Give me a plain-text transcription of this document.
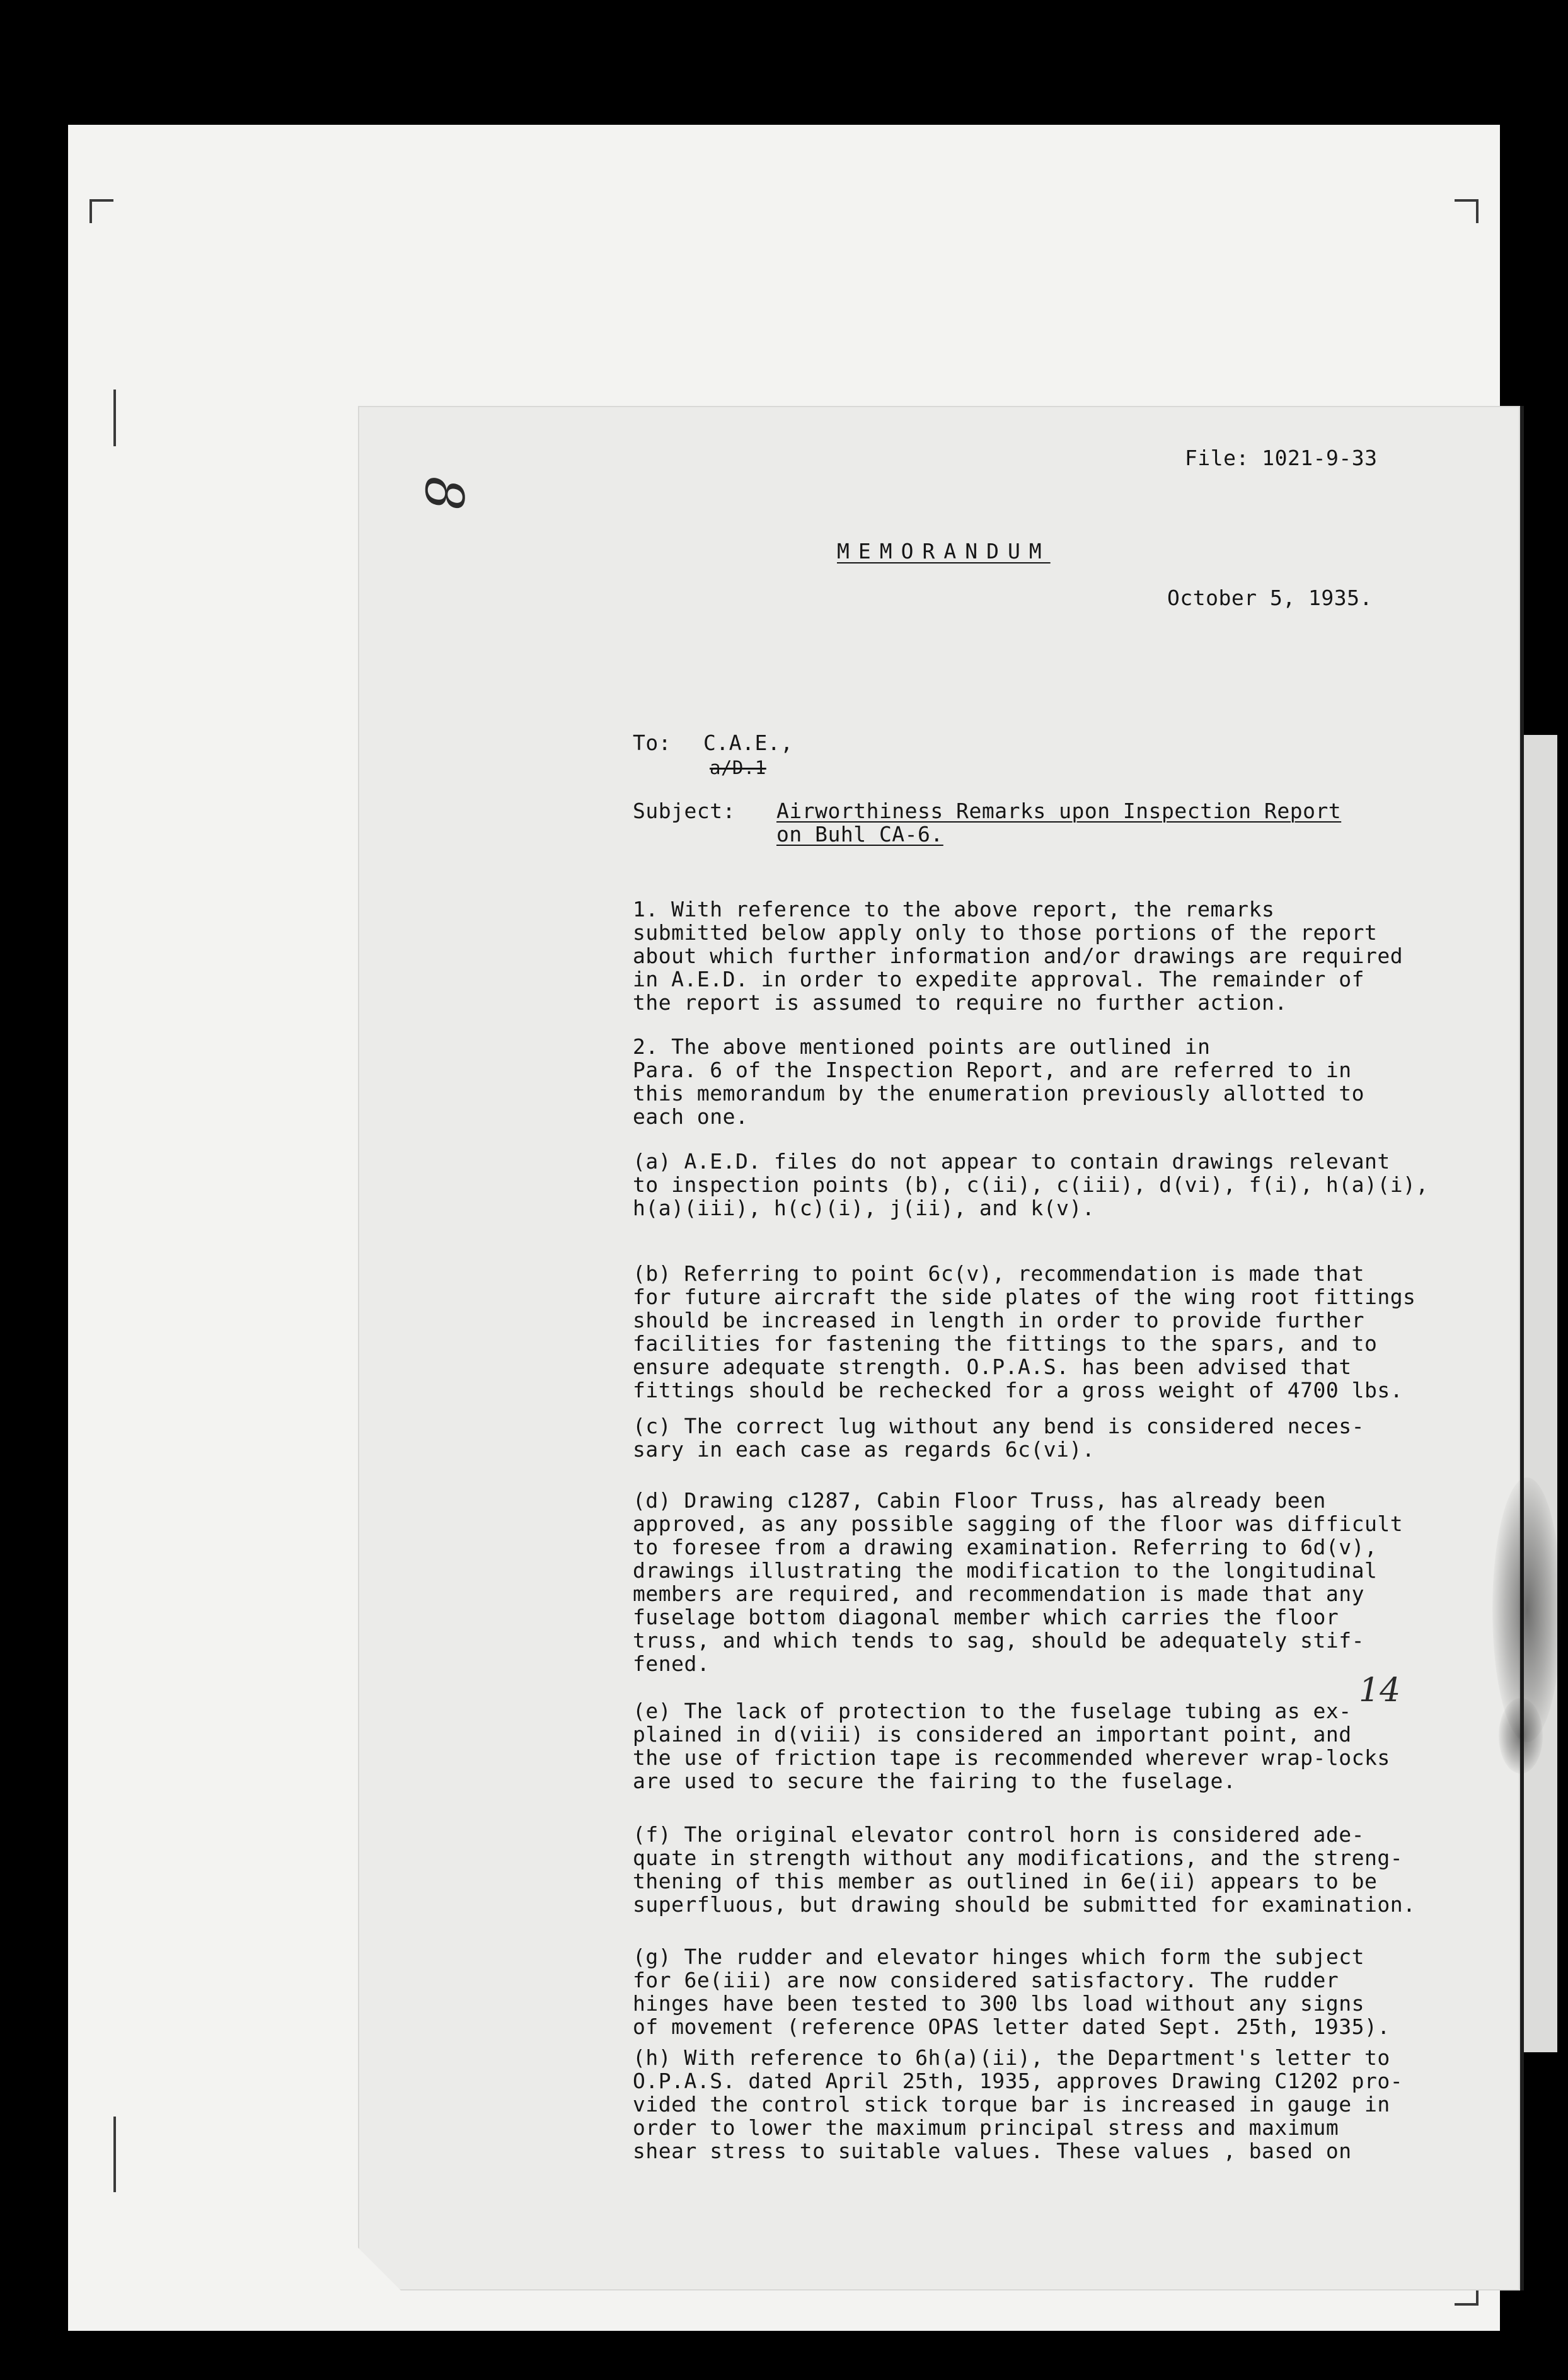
8
File: 1021-9-33
MEMORANDUM
October 5, 1935.
To: C.A.E.,
a/D.1
Subject: Airworthiness Remarks upon Inspection Report
on Buhl CA-6.
1. With reference to the above report, the remarks
submitted below apply only to those portions of the report
about which further information and/or drawings are required
in A.E.D. in order to expedite approval. The remainder of
the report is assumed to require no further action.
2. The above mentioned points are outlined in
Para. 6 of the Inspection Report, and are referred to in
this memorandum by the enumeration previously allotted to
each one.
(a) A.E.D. files do not appear to contain drawings relevant
to inspection points (b), c(ii), c(iii), d(vi), f(i), h(a)(i),
h(a)(iii), h(c)(i), j(ii), and k(v).
(b) Referring to point 6c(v), recommendation is made that
for future aircraft the side plates of the wing root fittings
should be increased in length in order to provide further
facilities for fastening the fittings to the spars, and to
ensure adequate strength. O.P.A.S. has been advised that
fittings should be rechecked for a gross weight of 4700 lbs.
(c) The correct lug without any bend is considered neces-
sary in each case as regards 6c(vi).
(d) Drawing c1287, Cabin Floor Truss, has already been
approved, as any possible sagging of the floor was difficult
to foresee from a drawing examination. Referring to 6d(v),
drawings illustrating the modification to the longitudinal
members are required, and recommendation is made that any
fuselage bottom diagonal member which carries the floor
truss, and which tends to sag, should be adequately stif-
fened.
(e) The lack of protection to the fuselage tubing as ex-
plained in d(viii) is considered an important point, and
the use of friction tape is recommended wherever wrap-locks
are used to secure the fairing to the fuselage.
(f) The original elevator control horn is considered ade-
quate in strength without any modifications, and the streng-
thening of this member as outlined in 6e(ii) appears to be
superfluous, but drawing should be submitted for examination.
(g) The rudder and elevator hinges which form the subject
for 6e(iii) are now considered satisfactory. The rudder
hinges have been tested to 300 lbs load without any signs
of movement (reference OPAS letter dated Sept. 25th, 1935).
(h) With reference to 6h(a)(ii), the Department's letter to
O.P.A.S. dated April 25th, 1935, approves Drawing C1202 pro-
vided the control stick torque bar is increased in gauge in
order to lower the maximum principal stress and maximum
shear stress to suitable values. These values , based on
14
